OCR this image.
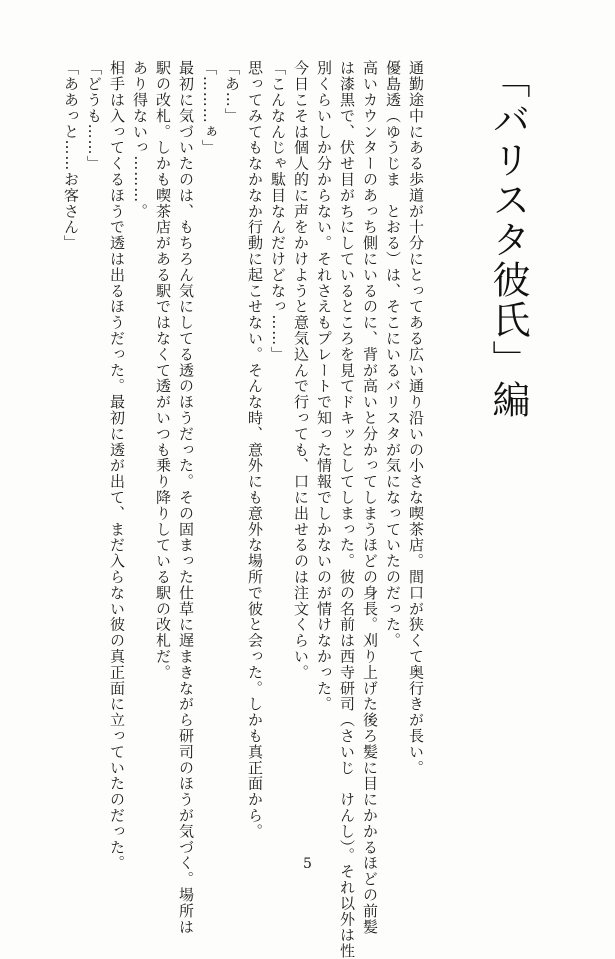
「バリスタ彼氏」編

通勤途中にある歩道が十分にとってある広い通り沿いの小さな喫茶店。間口が狭くて奥行きが長い。

優島透（ゆうじま　とおる）は、そこにいるバリスタが気になっていたのだった。

高いカウンターのあっち側にいるのに、背が高いと分かってしまうほどの身長。刈り上げた後ろ髪に目にかかるほどの前髪

は漆黒で、伏せ目がちにしているところを見てドキッとしてしまった。彼の名前は西寺研司（さいじ　けんし）。それ以外は性

別くらいしか分からない。それさえもプレートで知った情報でしかないのが情けなかった。

今日こそは個人的に声をかけようと意気込んで行っても、口に出せるのは注文くらい。

「こんなんじゃ駄目なんだけどなっ……」

思ってみてもなかなか行動に起こせない。そんな時、意外にも意外な場所で彼と会った。しかも真正面から。

「あ…」

「………ぁ」

最初に気づいたのは、もちろん気にしてる透のほうだった。その固まった仕草に遅まきながら研司のほうが気づく。場所は

駅の改札。しかも喫茶店がある駅ではなくて透がいつも乗り降りしている駅の改札だ。

あり得ないっ………。

相手は入ってくるほうで透は出るほうだった。最初に透が出て、まだ入らない彼の真正面に立っていたのだった。

「どうも……」

「ああっと……お客さん」

5
